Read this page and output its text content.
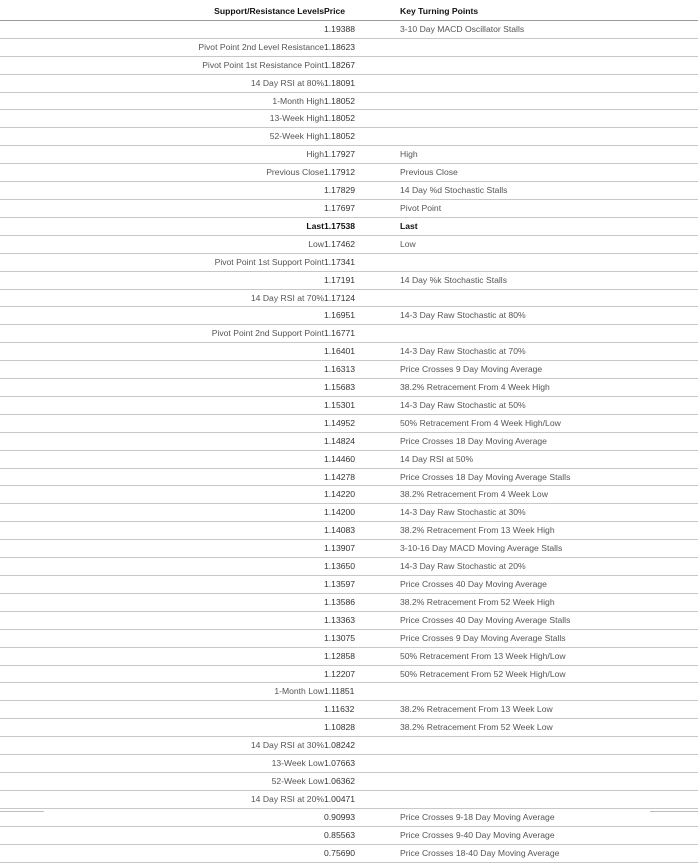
Support/Resistance Levels	Price	Key Turning Points
	1.19388	3-10 Day MACD Oscillator Stalls
Pivot Point 2nd Level Resistance	1.18623	
Pivot Point 1st Resistance Point	1.18267	
14 Day RSI at 80%	1.18091	
1-Month High	1.18052	
13-Week High	1.18052	
52-Week High	1.18052	
High	1.17927	High
Previous Close	1.17912	Previous Close
	1.17829	14 Day %d Stochastic Stalls
	1.17697	Pivot Point
Last	1.17538	Last
Low	1.17462	Low
Pivot Point 1st Support Point	1.17341	
	1.17191	14 Day %k Stochastic Stalls
14 Day RSI at 70%	1.17124	
	1.16951	14-3 Day Raw Stochastic at 80%
Pivot Point 2nd Support Point	1.16771	
	1.16401	14-3 Day Raw Stochastic at 70%
	1.16313	Price Crosses 9 Day Moving Average
	1.15683	38.2% Retracement From 4 Week High
	1.15301	14-3 Day Raw Stochastic at 50%
	1.14952	50% Retracement From 4 Week High/Low
	1.14824	Price Crosses 18 Day Moving Average
	1.14460	14 Day RSI at 50%
	1.14278	Price Crosses 18 Day Moving Average Stalls
	1.14220	38.2% Retracement From 4 Week Low
	1.14200	14-3 Day Raw Stochastic at 30%
	1.14083	38.2% Retracement From 13 Week High
	1.13907	3-10-16 Day MACD Moving Average Stalls
	1.13650	14-3 Day Raw Stochastic at 20%
	1.13597	Price Crosses 40 Day Moving Average
	1.13586	38.2% Retracement From 52 Week High
	1.13363	Price Crosses 40 Day Moving Average Stalls
	1.13075	Price Crosses 9 Day Moving Average Stalls
	1.12858	50% Retracement From 13 Week High/Low
	1.12207	50% Retracement From 52 Week High/Low
1-Month Low	1.11851	
	1.11632	38.2% Retracement From 13 Week Low
	1.10828	38.2% Retracement From 52 Week Low
14 Day RSI at 30%	1.08242	
13-Week Low	1.07663	
52-Week Low	1.06362	
14 Day RSI at 20%	1.00471	
	0.90993	Price Crosses 9-18 Day Moving Average
	0.85563	Price Crosses 9-40 Day Moving Average
	0.75690	Price Crosses 18-40 Day Moving Average
